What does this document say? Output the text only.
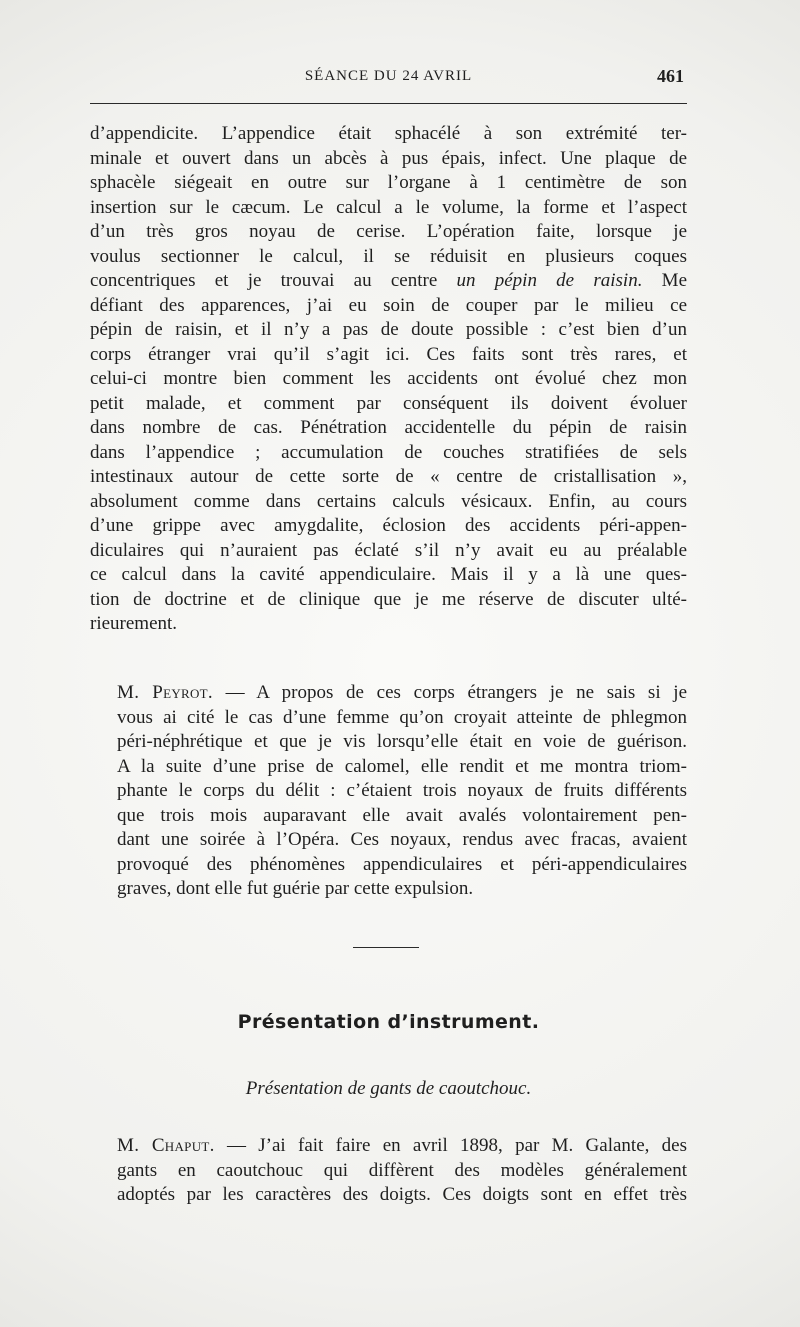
SÉANCE DU 24 AVRIL	461
d’appendicite. L’appendice était sphacélé à son extrémité ter-
minale et ouvert dans un abcès à pus épais, infect. Une plaque de
sphacèle siégeait en outre sur l’organe à 1 centimètre de son
insertion sur le cæcum. Le calcul a le volume, la forme et l’aspect
d’un très gros noyau de cerise. L’opération faite, lorsque je
voulus sectionner le calcul, il se réduisit en plusieurs coques
concentriques et je trouvai au centre un pépin de raisin. Me
défiant des apparences, j’ai eu soin de couper par le milieu ce
pépin de raisin, et il n’y a pas de doute possible : c’est bien d’un
corps étranger vrai qu’il s’agit ici. Ces faits sont très rares, et
celui-ci montre bien comment les accidents ont évolué chez mon
petit malade, et comment par conséquent ils doivent évoluer
dans nombre de cas. Pénétration accidentelle du pépin de raisin
dans l’appendice ; accumulation de couches stratifiées de sels
intestinaux autour de cette sorte de « centre de cristallisation »,
absolument comme dans certains calculs vésicaux. Enfin, au cours
d’une grippe avec amygdalite, éclosion des accidents péri-appen-
diculaires qui n’auraient pas éclaté s’il n’y avait eu au préalable
ce calcul dans la cavité appendiculaire. Mais il y a là une ques-
tion de doctrine et de clinique que je me réserve de discuter ulté-
rieurement.
M. Peyrot. — A propos de ces corps étrangers je ne sais si je
vous ai cité le cas d’une femme qu’on croyait atteinte de phlegmon
péri-néphrétique et que je vis lorsqu’elle était en voie de guérison.
A la suite d’une prise de calomel, elle rendit et me montra triom-
phante le corps du délit : c’étaient trois noyaux de fruits différents
que trois mois auparavant elle avait avalés volontairement pen-
dant une soirée à l’Opéra. Ces noyaux, rendus avec fracas, avaient
provoqué des phénomènes appendiculaires et péri-appendiculaires
graves, dont elle fut guérie par cette expulsion.
Présentation d’instrument.
Présentation de gants de caoutchouc.
M. Chaput. — J’ai fait faire en avril 1898, par M. Galante, des
gants en caoutchouc qui diffèrent des modèles généralement
adoptés par les caractères des doigts. Ces doigts sont en effet très
